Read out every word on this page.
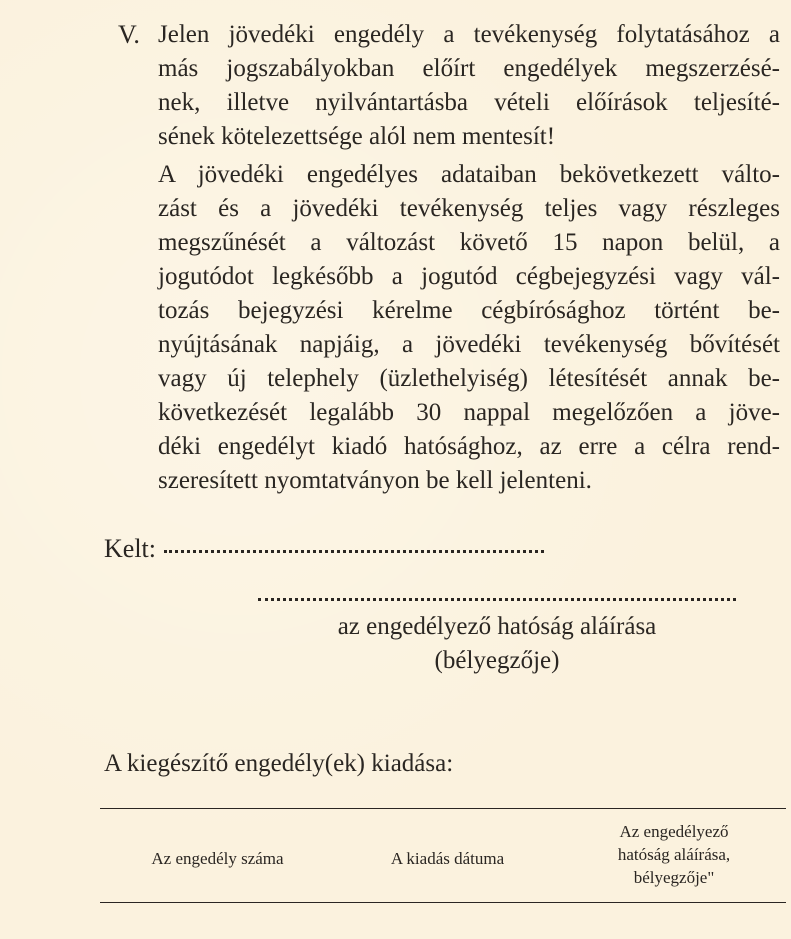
V. Jelen jövedéki engedély a tevékenység folytatásához a
más jogszabályokban előírt engedélyek megszerzésé-
nek, illetve nyilvántartásba vételi előírások teljesíté-
sének kötelezettsége alól nem mentesít!
A jövedéki engedélyes adataiban bekövetkezett válto-
zást és a jövedéki tevékenység teljes vagy részleges
megszűnését a változást követő 15 napon belül, a
jogutódot legkésőbb a jogutód cégbejegyzési vagy vál-
tozás bejegyzési kérelme cégbírósághoz történt be-
nyújtásának napjáig, a jövedéki tevékenység bővítését
vagy új telephely (üzlethelyiség) létesítését annak be-
következését legalább 30 nappal megelőzően a jöve-
déki engedélyt kiadó hatósághoz, az erre a célra rend-
szeresített nyomtatványon be kell jelenteni.
Kelt:
az engedélyező hatóság aláírása
(bélyegzője)
A kiegészítő engedély(ek) kiadása:
Az engedély száma	A kiadás dátuma
Az engedélyező
hatóság aláírása,
bélyegzője"
